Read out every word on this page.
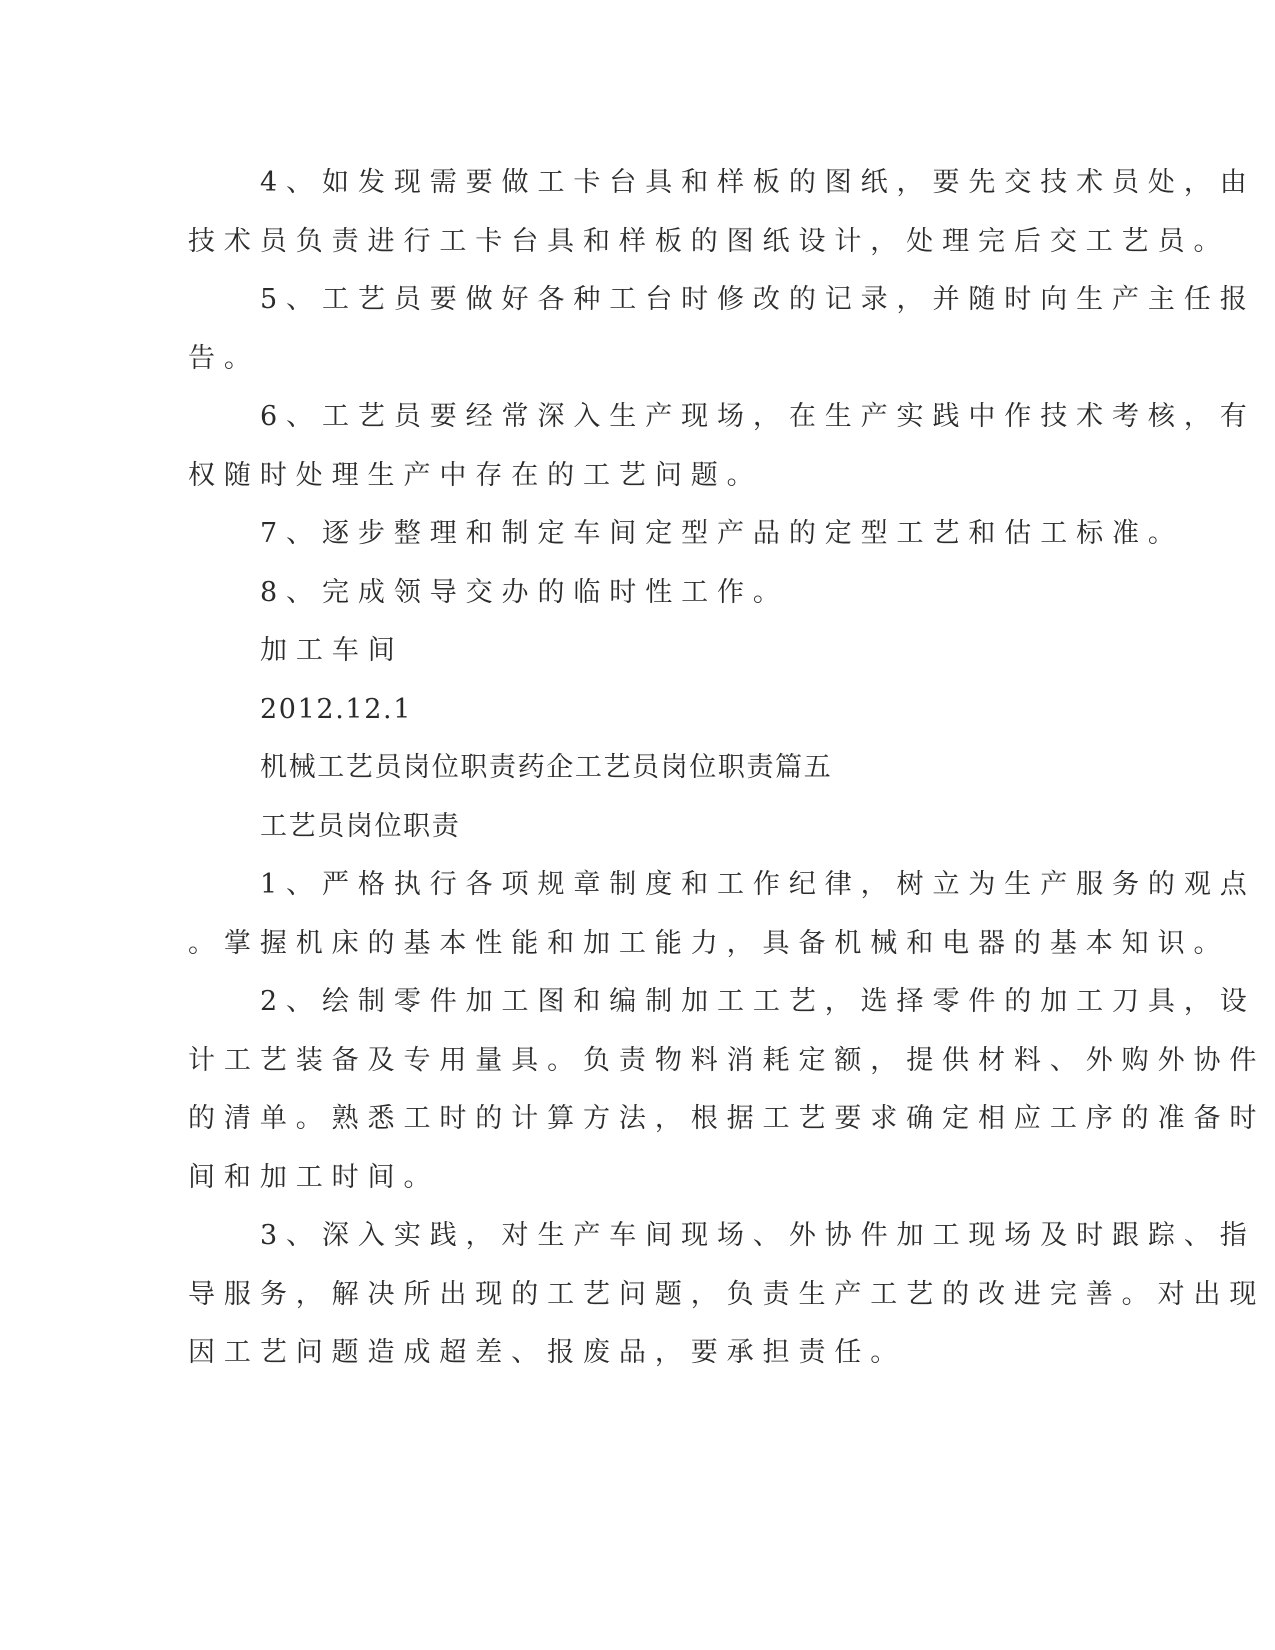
4、如发现需要做工卡台具和样板的图纸，要先交技术员处，由
技术员负责进行工卡台具和样板的图纸设计，处理完后交工艺员。
5、工艺员要做好各种工台时修改的记录，并随时向生产主任报
告。
6、工艺员要经常深入生产现场，在生产实践中作技术考核，有
权随时处理生产中存在的工艺问题。
7、逐步整理和制定车间定型产品的定型工艺和估工标准。
8、完成领导交办的临时性工作。
加工车间
2012.12.1
机械工艺员岗位职责药企工艺员岗位职责篇五
工艺员岗位职责
1、严格执行各项规章制度和工作纪律，树立为生产服务的观点
。掌握机床的基本性能和加工能力，具备机械和电器的基本知识。
2、绘制零件加工图和编制加工工艺，选择零件的加工刀具，设
计工艺装备及专用量具。负责物料消耗定额，提供材料、外购外协件
的清单。熟悉工时的计算方法，根据工艺要求确定相应工序的准备时
间和加工时间。
3、深入实践，对生产车间现场、外协件加工现场及时跟踪、指
导服务，解决所出现的工艺问题，负责生产工艺的改进完善。对出现
因工艺问题造成超差、报废品，要承担责任。
